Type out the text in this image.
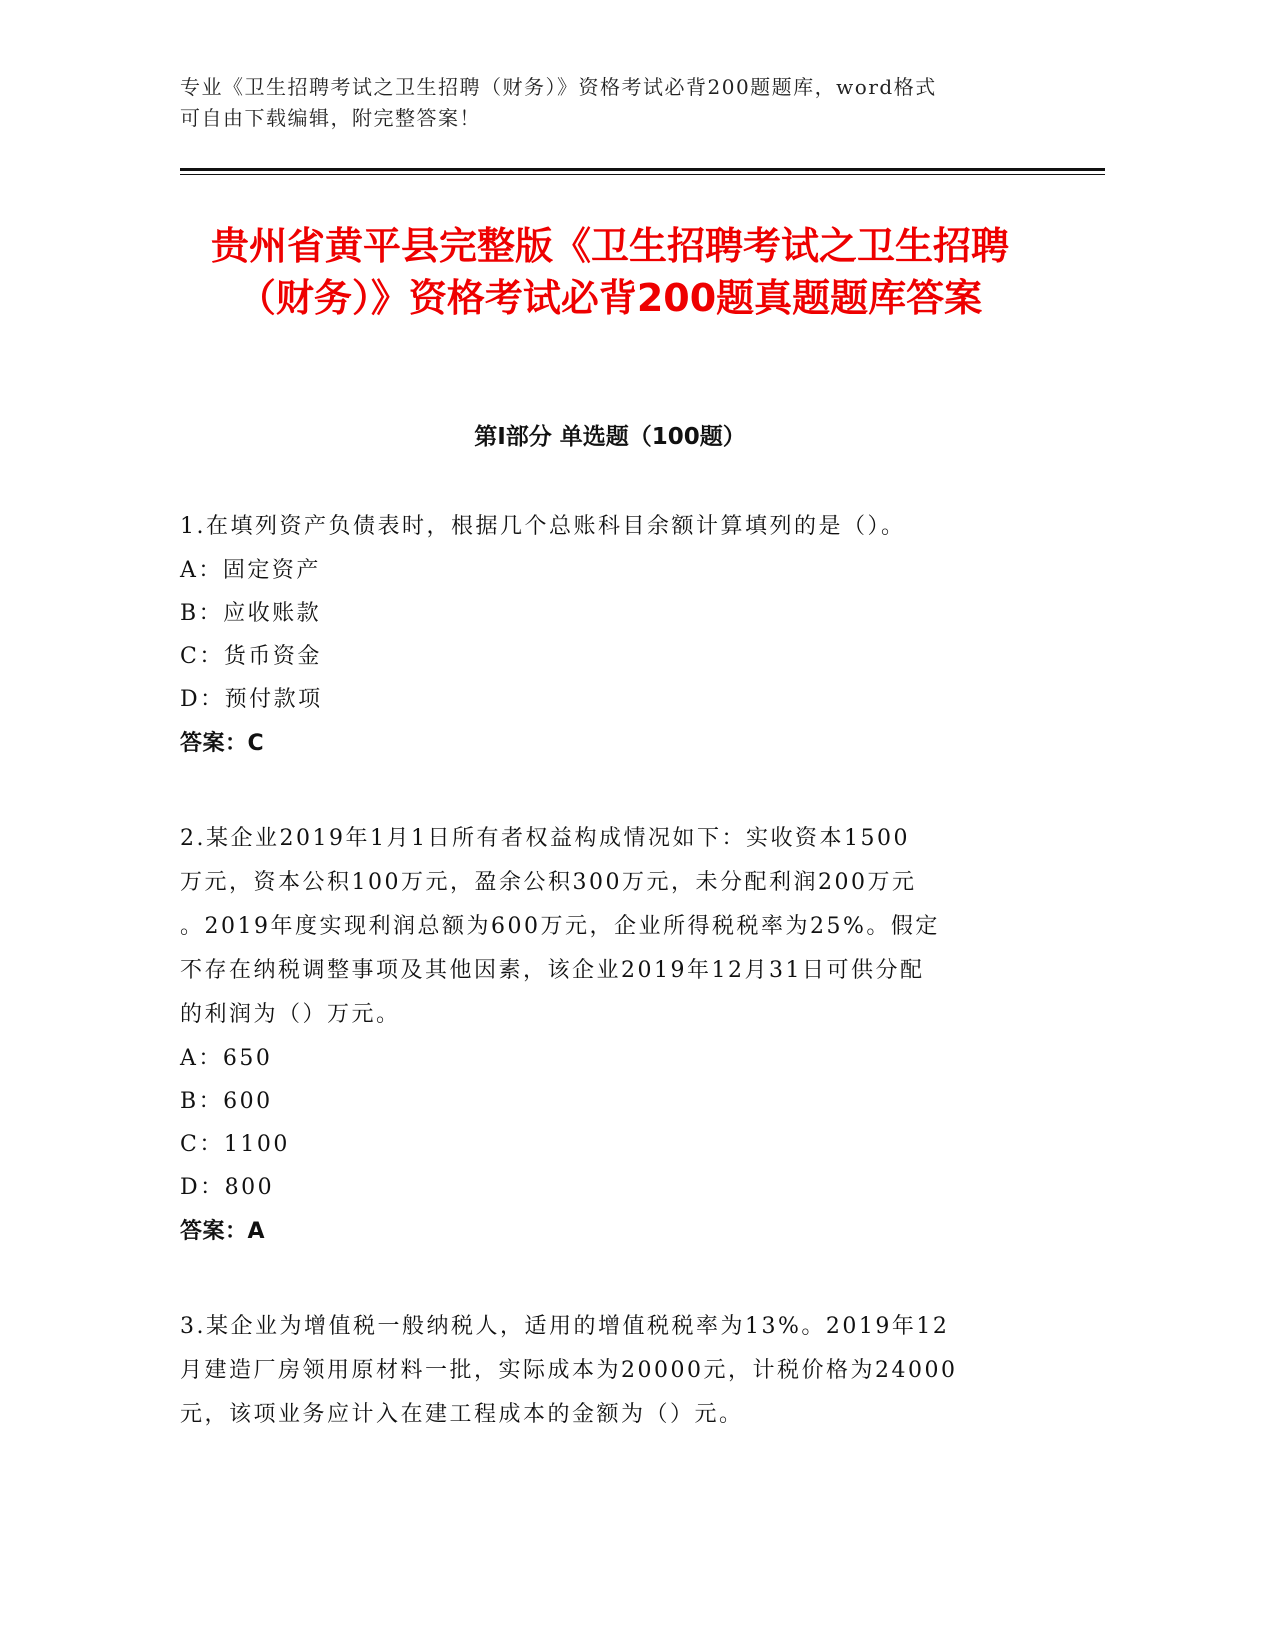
专业《卫生招聘考试之卫生招聘（财务）》资格考试必背200题题库，word格式

可自由下载编辑，附完整答案！

贵州省黄平县完整版《卫生招聘考试之卫生招聘（财务）》资格考试必背200题真题题库答案
第I部分 单选题（100题）

1.在填列资产负债表时，根据几个总账科目余额计算填列的是（）。

A：固定资产

B：应收账款

C：货币资金

D：预付款项

答案：C

2.某企业2019年1月1日所有者权益构成情况如下：实收资本1500
万元，资本公积100万元，盈余公积300万元，未分配利润200万元
。2019年度实现利润总额为600万元，企业所得税税率为25%。假定
不存在纳税调整事项及其他因素，该企业2019年12月31日可供分配
的利润为（）万元。

A：650

B：600

C：1100

D：800

答案：A

3.某企业为增值税一般纳税人，适用的增值税税率为13%。2019年12
月建造厂房领用原材料一批，实际成本为20000元，计税价格为24000
元，该项业务应计入在建工程成本的金额为（）元。
